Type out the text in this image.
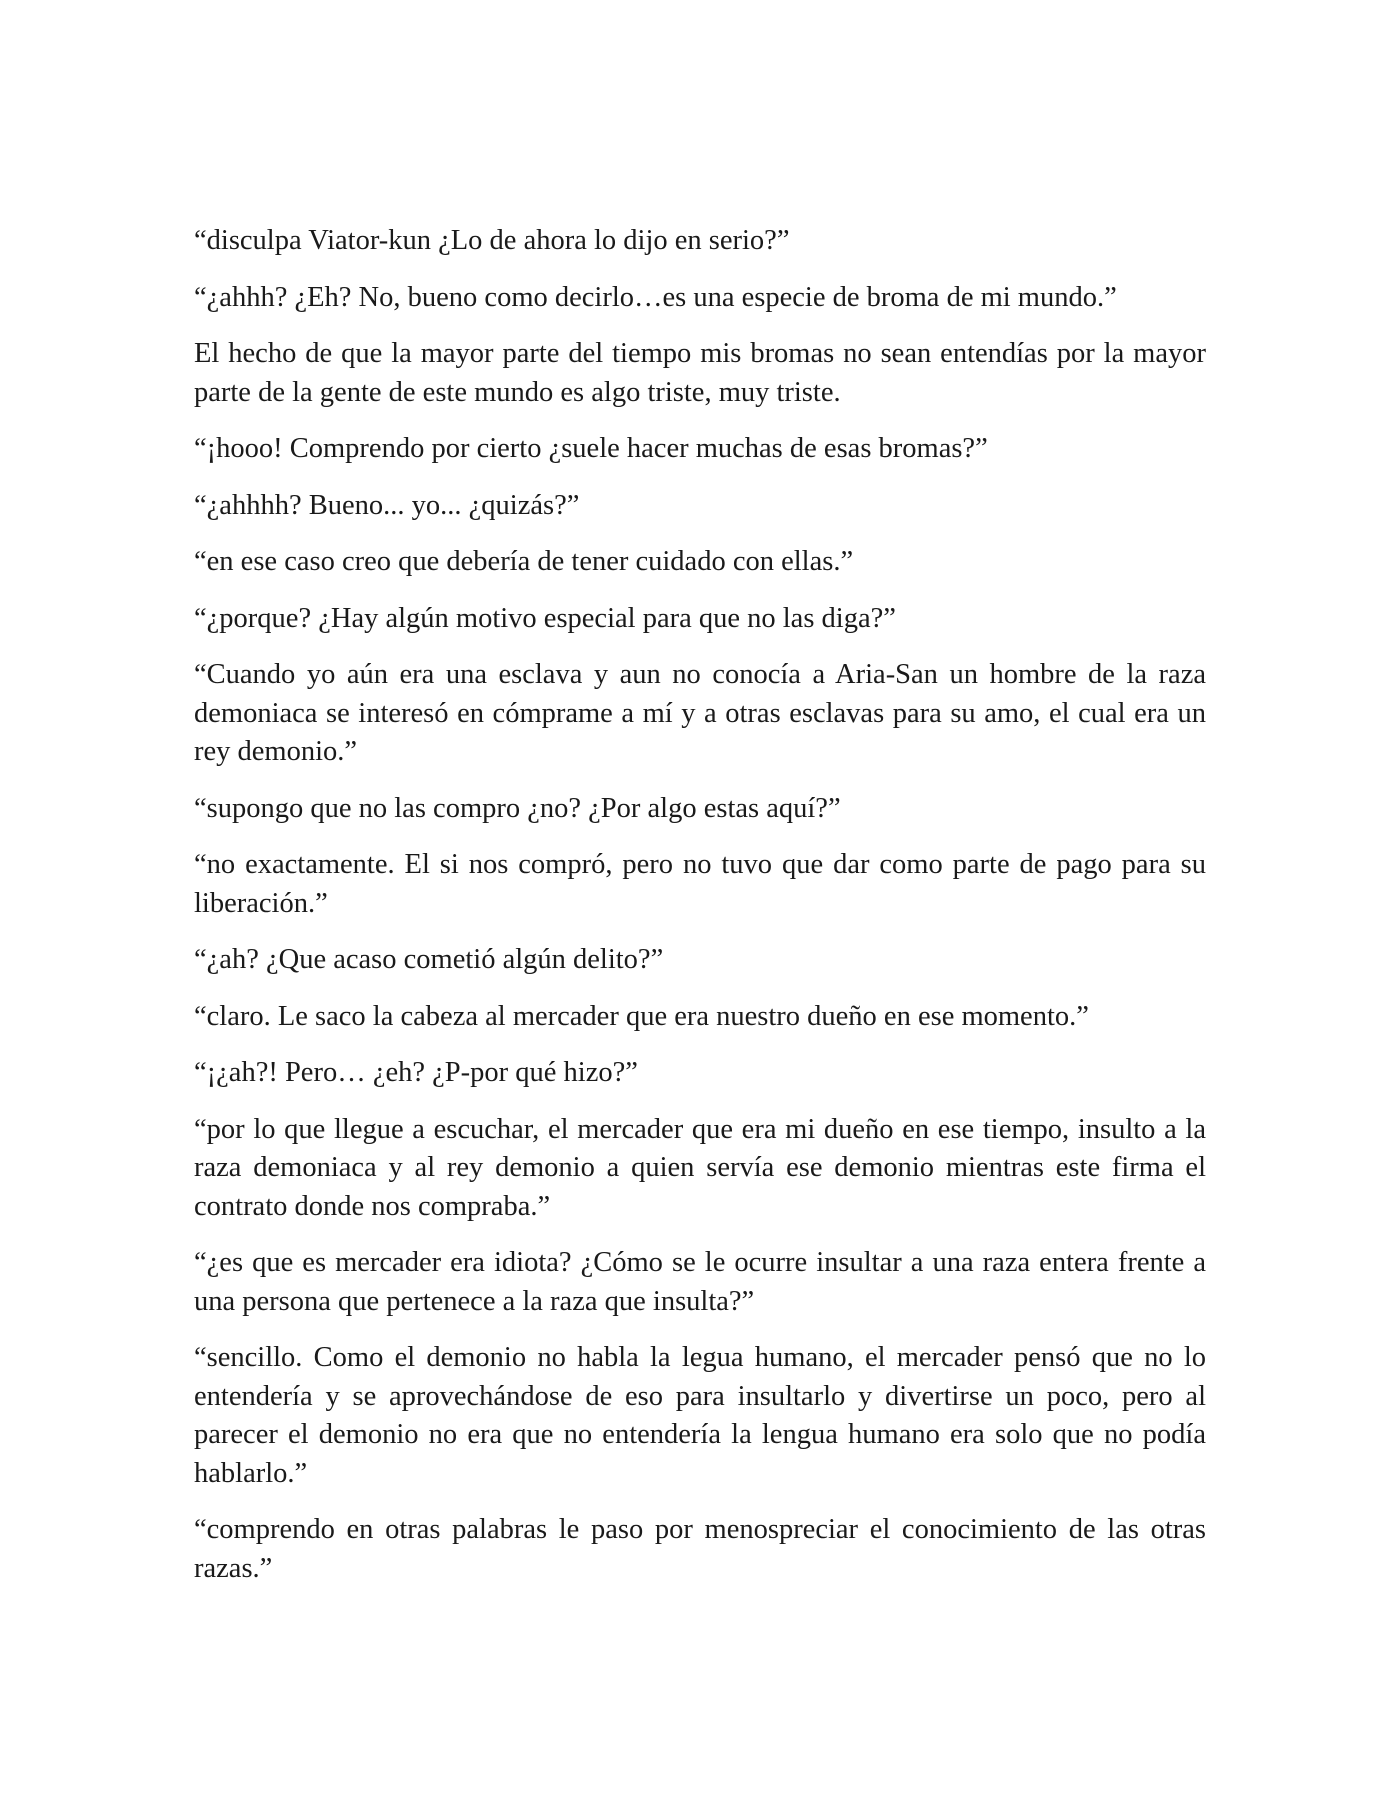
“disculpa Viator-kun ¿Lo de ahora lo dijo en serio?”

“¿ahhh? ¿Eh? No, bueno como decirlo…es una especie de broma de mi mundo.”

El hecho de que la mayor parte del tiempo mis bromas no sean entendías por la mayor parte de la gente de este mundo es algo triste, muy triste.

“¡hooo! Comprendo por cierto ¿suele hacer muchas de esas bromas?”

“¿ahhhh? Bueno... yo... ¿quizás?”

“en ese caso creo que debería de tener cuidado con ellas.”

“¿porque? ¿Hay algún motivo especial para que no las diga?”

“Cuando yo aún era una esclava y aun no conocía a Aria-San un hombre de la raza demoniaca se interesó en cómprame a mí y a otras esclavas para su amo, el cual era un rey demonio.”

“supongo que no las compro ¿no? ¿Por algo estas aquí?”

“no exactamente. El si nos compró, pero no tuvo que dar como parte de pago para su liberación.”

“¿ah? ¿Que acaso cometió algún delito?”

“claro. Le saco la cabeza al mercader que era nuestro dueño en ese momento.”

“¡¿ah?! Pero… ¿eh? ¿P-por qué hizo?”

“por lo que llegue a escuchar, el mercader que era mi dueño en ese tiempo, insulto a la raza demoniaca y al rey demonio a quien servía ese demonio mientras este firma el contrato donde nos compraba.”

“¿es que es mercader era idiota? ¿Cómo se le ocurre insultar a una raza entera frente a una persona que pertenece a la raza que insulta?”

“sencillo. Como el demonio no habla la legua humano, el mercader pensó que no lo entendería y se aprovechándose de eso para insultarlo y divertirse un poco, pero al parecer el demonio no era que no entendería la lengua humano era solo que no podía hablarlo.”

“comprendo en otras palabras le paso por menospreciar el conocimiento de las otras razas.”
